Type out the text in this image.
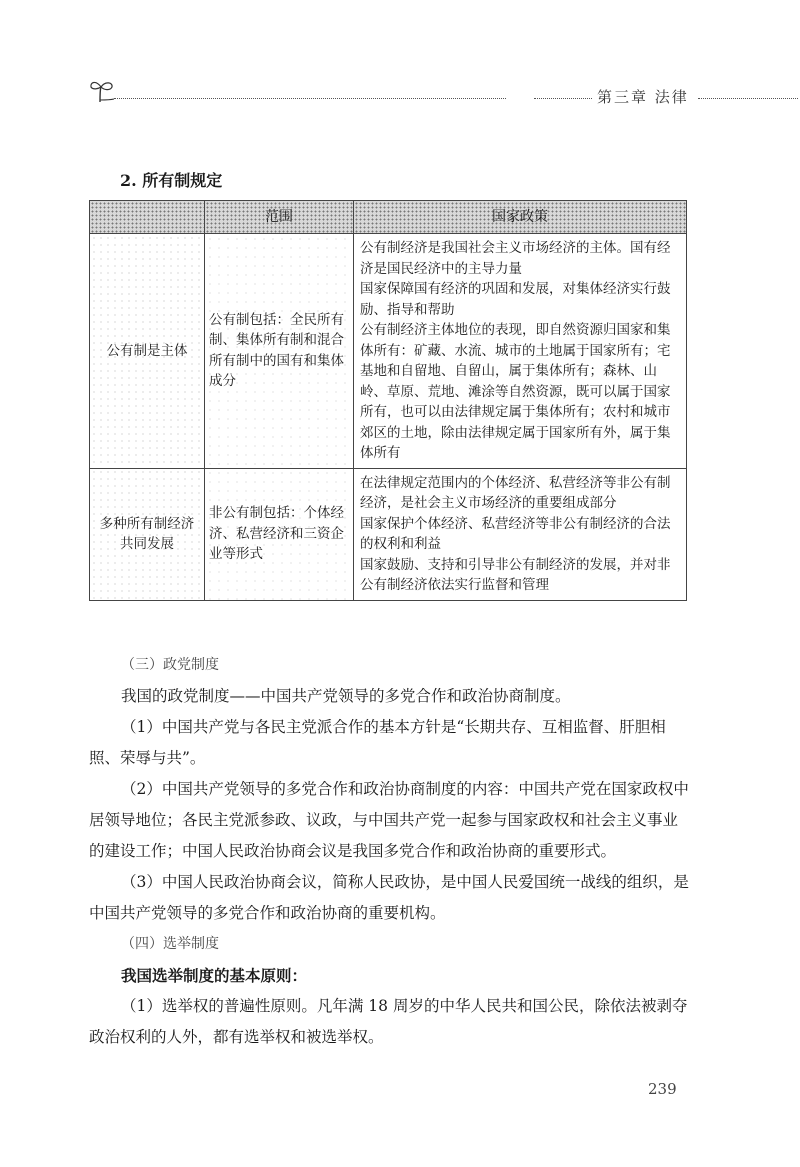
第三章 法律
2. 所有制规定
	范围	国家政策
公有制是主体	公有制包括：全民所有制、集体所有制和混合所有制中的国有和集体成分	公有制经济是我国社会主义市场经济的主体。国有经济是国民经济中的主导力量
国家保障国有经济的巩固和发展，对集体经济实行鼓励、指导和帮助
公有制经济主体地位的表现，即自然资源归国家和集体所有：矿藏、水流、城市的土地属于国家所有；宅基地和自留地、自留山，属于集体所有；森林、山岭、草原、荒地、滩涂等自然资源，既可以属于国家所有，也可以由法律规定属于集体所有；农村和城市郊区的土地，除由法律规定属于国家所有外，属于集体所有

多种所有制经济共同发展	非公有制包括：个体经济、私营经济和三资企业等形式	在法律规定范围内的个体经济、私营经济等非公有制经济，是社会主义市场经济的重要组成部分
国家保护个体经济、私营经济等非公有制经济的合法的权利和利益
国家鼓励、支持和引导非公有制经济的发展，并对非公有制经济依法实行监督和管理

（三）政党制度

我国的政党制度——中国共产党领导的多党合作和政治协商制度。

（1）中国共产党与各民主党派合作的基本方针是“长期共存、互相监督、肝胆相照、荣辱与共”。

（2）中国共产党领导的多党合作和政治协商制度的内容：中国共产党在国家政权中居领导地位；各民主党派参政、议政，与中国共产党一起参与国家政权和社会主义事业的建设工作；中国人民政治协商会议是我国多党合作和政治协商的重要形式。

（3）中国人民政治协商会议，简称人民政协，是中国人民爱国统一战线的组织，是中国共产党领导的多党合作和政治协商的重要机构。

（四）选举制度

我国选举制度的基本原则：

（1）选举权的普遍性原则。凡年满 18 周岁的中华人民共和国公民，除依法被剥夺政治权利的人外，都有选举权和被选举权。

239
